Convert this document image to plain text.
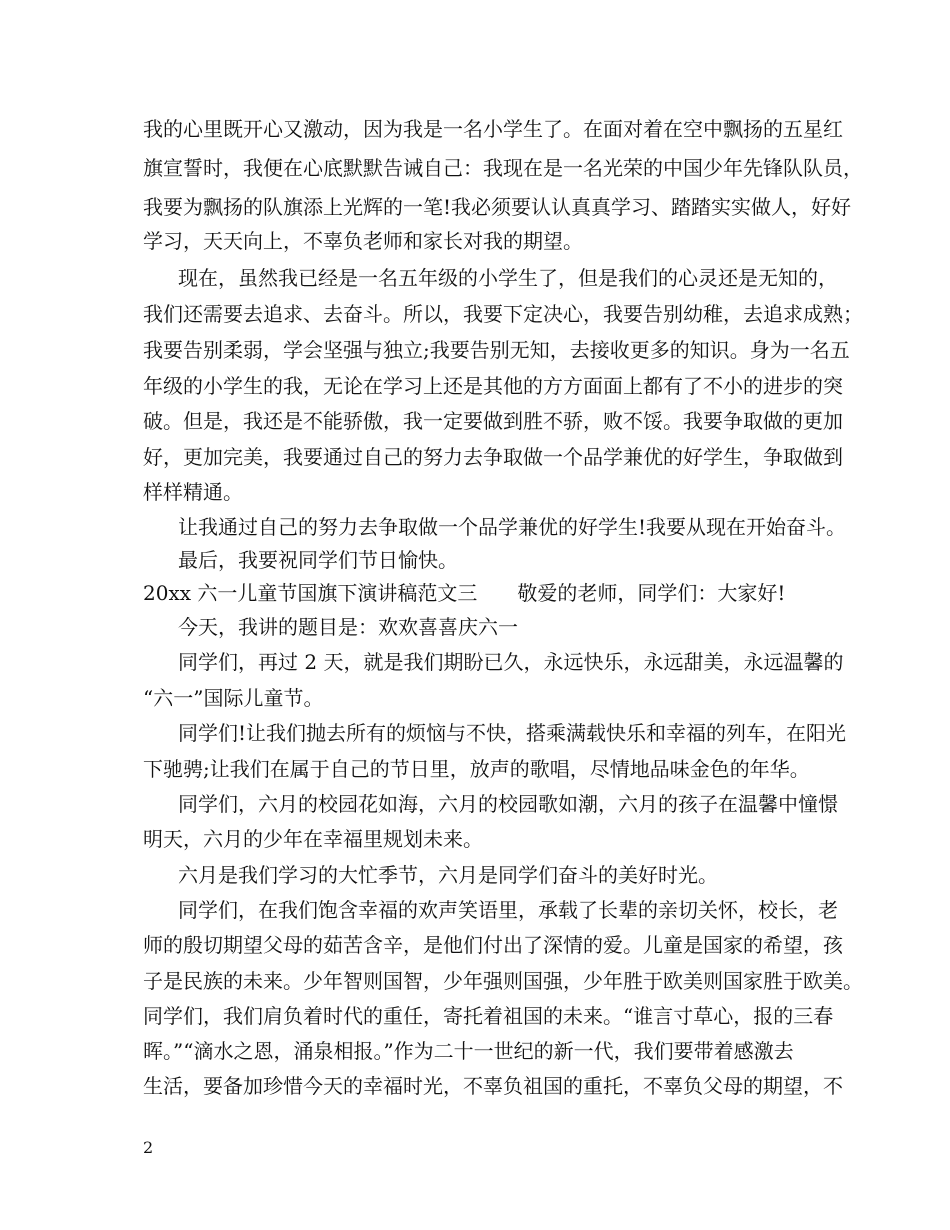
我的心里既开心又激动，因为我是一名小学生了。在面对着在空中飘扬的五星红
旗宣誓时，我便在心底默默告诫自己：我现在是一名光荣的中国少年先锋队队员，
我要为飘扬的队旗添上光辉的一笔!我必须要认认真真学习、踏踏实实做人，好好
学习，天天向上，不辜负老师和家长对我的期望。
现在，虽然我已经是一名五年级的小学生了，但是我们的心灵还是无知的，
我们还需要去追求、去奋斗。所以，我要下定决心，我要告别幼稚，去追求成熟；
我要告别柔弱，学会坚强与独立;我要告别无知，去接收更多的知识。身为一名五
年级的小学生的我，无论在学习上还是其他的方方面面上都有了不小的进步的突
破。但是，我还是不能骄傲，我一定要做到胜不骄，败不馁。我要争取做的更加
好，更加完美，我要通过自己的努力去争取做一个品学兼优的好学生，争取做到
样样精通。
让我通过自己的努力去争取做一个品学兼优的好学生!我要从现在开始奋斗。
最后，我要祝同学们节日愉快。
20xx 六一儿童节国旗下演讲稿范文三　　敬爱的老师，同学们：大家好!
今天，我讲的题目是：欢欢喜喜庆六一
同学们，再过 2 天，就是我们期盼已久，永远快乐，永远甜美，永远温馨的
“六一”国际儿童节。
同学们!让我们抛去所有的烦恼与不快，搭乘满载快乐和幸福的列车，在阳光
下驰骋;让我们在属于自己的节日里，放声的歌唱，尽情地品味金色的年华。
同学们，六月的校园花如海，六月的校园歌如潮，六月的孩子在温馨中憧憬
明天，六月的少年在幸福里规划未来。
六月是我们学习的大忙季节，六月是同学们奋斗的美好时光。
同学们，在我们饱含幸福的欢声笑语里，承载了长辈的亲切关怀，校长，老
师的殷切期望父母的茹苦含辛，是他们付出了深情的爱。儿童是国家的希望，孩
子是民族的未来。少年智则国智，少年强则国强，少年胜于欧美则国家胜于欧美。
同学们，我们肩负着时代的重任，寄托着祖国的未来。“谁言寸草心，报的三春
晖。”“滴水之恩，涌泉相报。”作为二十一世纪的新一代，我们要带着感激去
生活，要备加珍惜今天的幸福时光，不辜负祖国的重托，不辜负父母的期望，不
2
